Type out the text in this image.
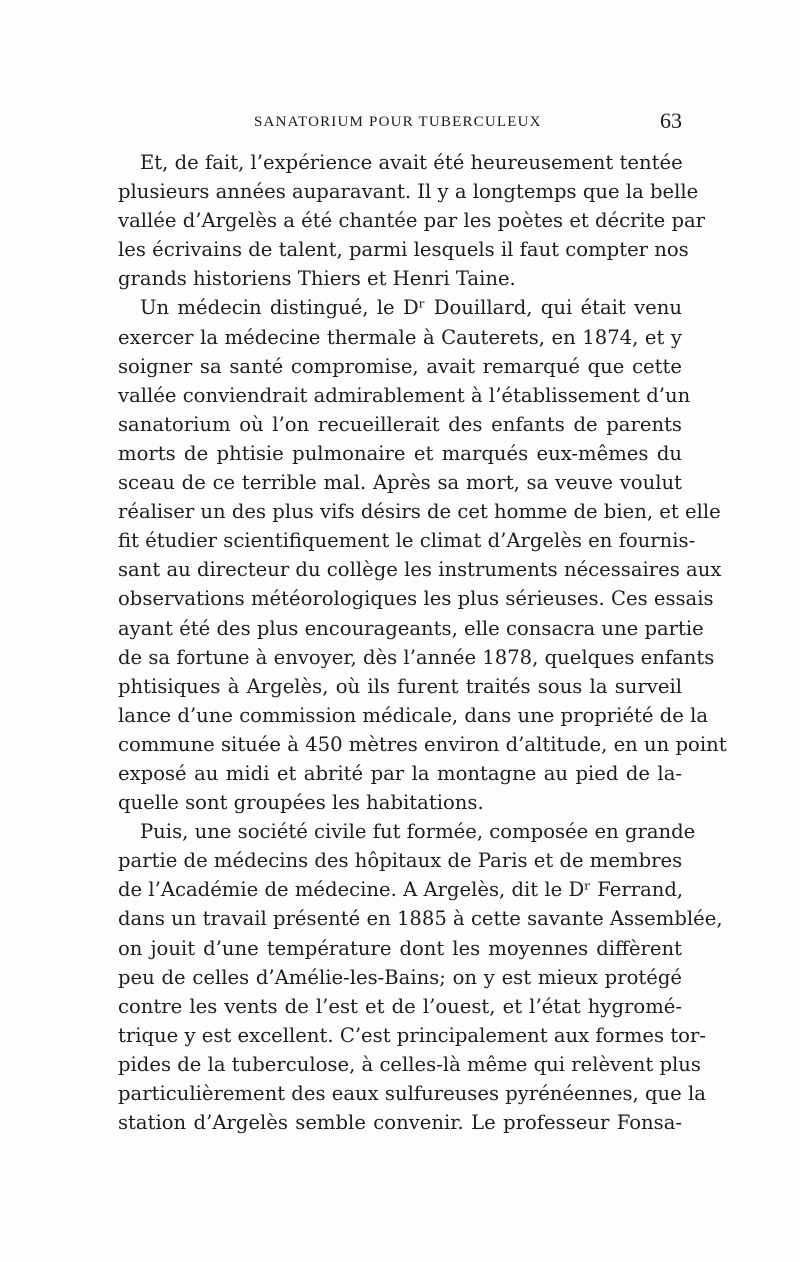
SANATORIUM POUR TUBERCULEUX	63
Et, de fait, l’expérience avait été heureusement tentée
plusieurs années auparavant. Il y a longtemps que la belle
vallée d’Argelès a été chantée par les poètes et décrite par
les écrivains de talent, parmi lesquels il faut compter nos
grands historiens Thiers et Henri Taine.
Un médecin distingué, le Dʳ Douillard, qui était venu
exercer la médecine thermale à Cauterets, en 1874, et y
soigner sa santé compromise, avait remarqué que cette
vallée conviendrait admirablement à l’établissement d’un
sanatorium où l’on recueillerait des enfants de parents
morts de phtisie pulmonaire et marqués eux-mêmes du
sceau de ce terrible mal. Après sa mort, sa veuve voulut
réaliser un des plus vifs désirs de cet homme de bien, et elle
fit étudier scientifiquement le climat d’Argelès en fournis-
sant au directeur du collège les instruments nécessaires aux
observations météorologiques les plus sérieuses. Ces essais
ayant été des plus encourageants, elle consacra une partie
de sa fortune à envoyer, dès l’année 1878, quelques enfants
phtisiques à Argelès, où ils furent traités sous la surveil
lance d’une commission médicale, dans une propriété de la
commune située à 450 mètres environ d’altitude, en un point
exposé au midi et abrité par la montagne au pied de la-
quelle sont groupées les habitations.
Puis, une société civile fut formée, composée en grande
partie de médecins des hôpitaux de Paris et de membres
de l’Académie de médecine. A Argelès, dit le Dʳ Ferrand,
dans un travail présenté en 1885 à cette savante Assemblée,
on jouit d’une température dont les moyennes diffèrent
peu de celles d’Amélie-les-Bains; on y est mieux protégé
contre les vents de l’est et de l’ouest, et l’état hygromé-
trique y est excellent. C’est principalement aux formes tor-
pides de la tuberculose, à celles-là même qui relèvent plus
particulièrement des eaux sulfureuses pyrénéennes, que la
station d’Argelès semble convenir. Le professeur Fonsa-
